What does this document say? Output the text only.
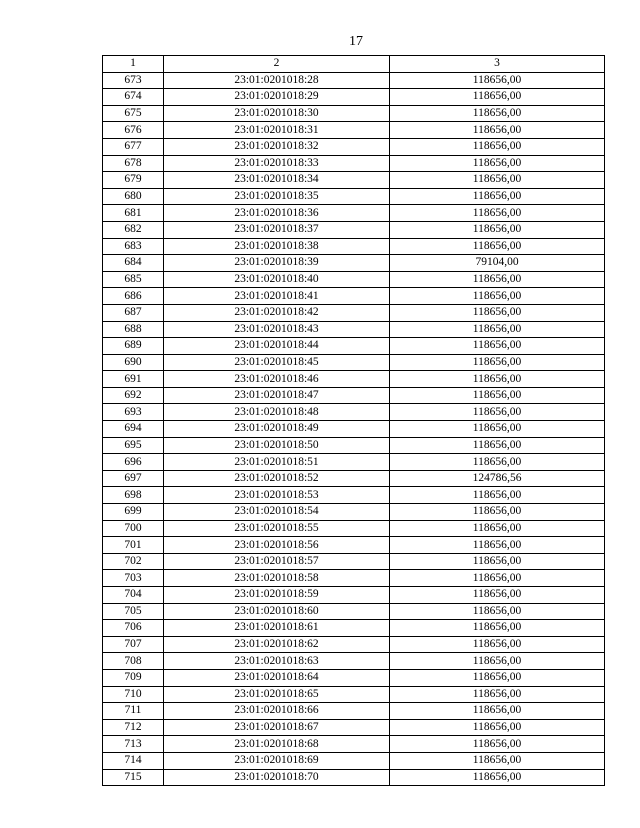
17
1	2	3
673	23:01:0201018:28	118656,00
674	23:01:0201018:29	118656,00
675	23:01:0201018:30	118656,00
676	23:01:0201018:31	118656,00
677	23:01:0201018:32	118656,00
678	23:01:0201018:33	118656,00
679	23:01:0201018:34	118656,00
680	23:01:0201018:35	118656,00
681	23:01:0201018:36	118656,00
682	23:01:0201018:37	118656,00
683	23:01:0201018:38	118656,00
684	23:01:0201018:39	79104,00
685	23:01:0201018:40	118656,00
686	23:01:0201018:41	118656,00
687	23:01:0201018:42	118656,00
688	23:01:0201018:43	118656,00
689	23:01:0201018:44	118656,00
690	23:01:0201018:45	118656,00
691	23:01:0201018:46	118656,00
692	23:01:0201018:47	118656,00
693	23:01:0201018:48	118656,00
694	23:01:0201018:49	118656,00
695	23:01:0201018:50	118656,00
696	23:01:0201018:51	118656,00
697	23:01:0201018:52	124786,56
698	23:01:0201018:53	118656,00
699	23:01:0201018:54	118656,00
700	23:01:0201018:55	118656,00
701	23:01:0201018:56	118656,00
702	23:01:0201018:57	118656,00
703	23:01:0201018:58	118656,00
704	23:01:0201018:59	118656,00
705	23:01:0201018:60	118656,00
706	23:01:0201018:61	118656,00
707	23:01:0201018:62	118656,00
708	23:01:0201018:63	118656,00
709	23:01:0201018:64	118656,00
710	23:01:0201018:65	118656,00
711	23:01:0201018:66	118656,00
712	23:01:0201018:67	118656,00
713	23:01:0201018:68	118656,00
714	23:01:0201018:69	118656,00
715	23:01:0201018:70	118656,00
